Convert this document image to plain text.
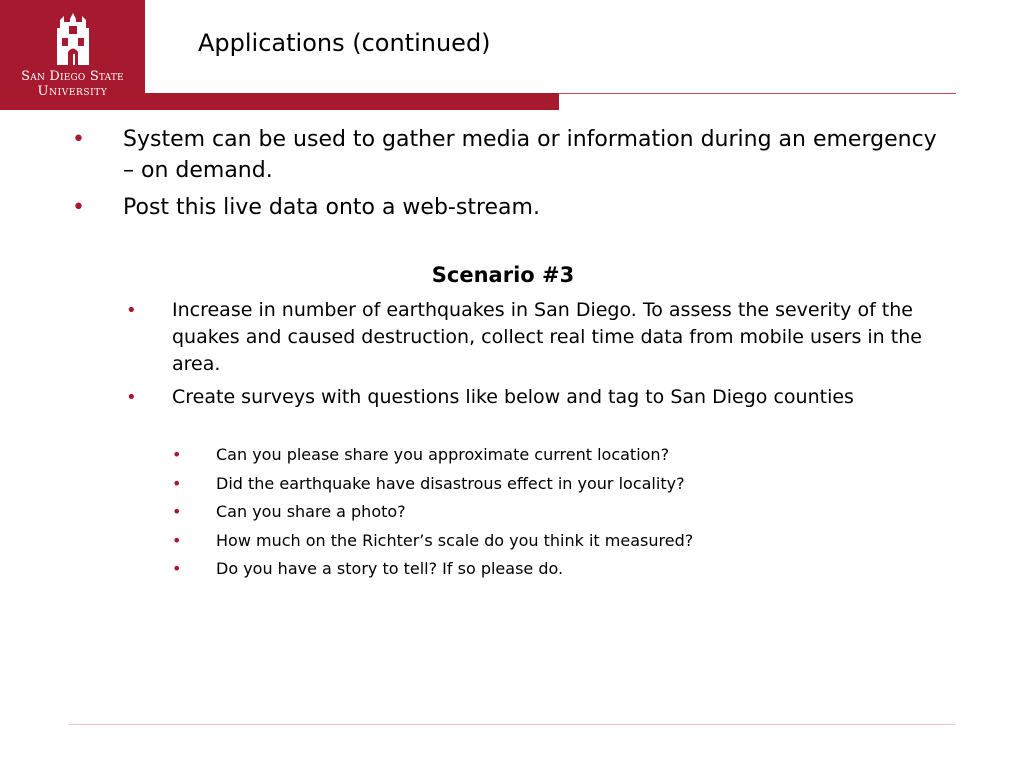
San Diego State
University
Applications (continued)
• System can be used to gather media or information during an emergency – on demand.
• Post this live data onto a web-stream.
Scenario #3
• Increase in number of earthquakes in San Diego. To assess the severity of the quakes and caused destruction, collect real time data from mobile users in the area.
• Create surveys with questions like below and tag to San Diego counties
• Can you please share you approximate current location?
• Did the earthquake have disastrous effect in your locality?
• Can you share a photo?
• How much on the Richter’s scale do you think it measured?
• Do you have a story to tell? If so please do.
